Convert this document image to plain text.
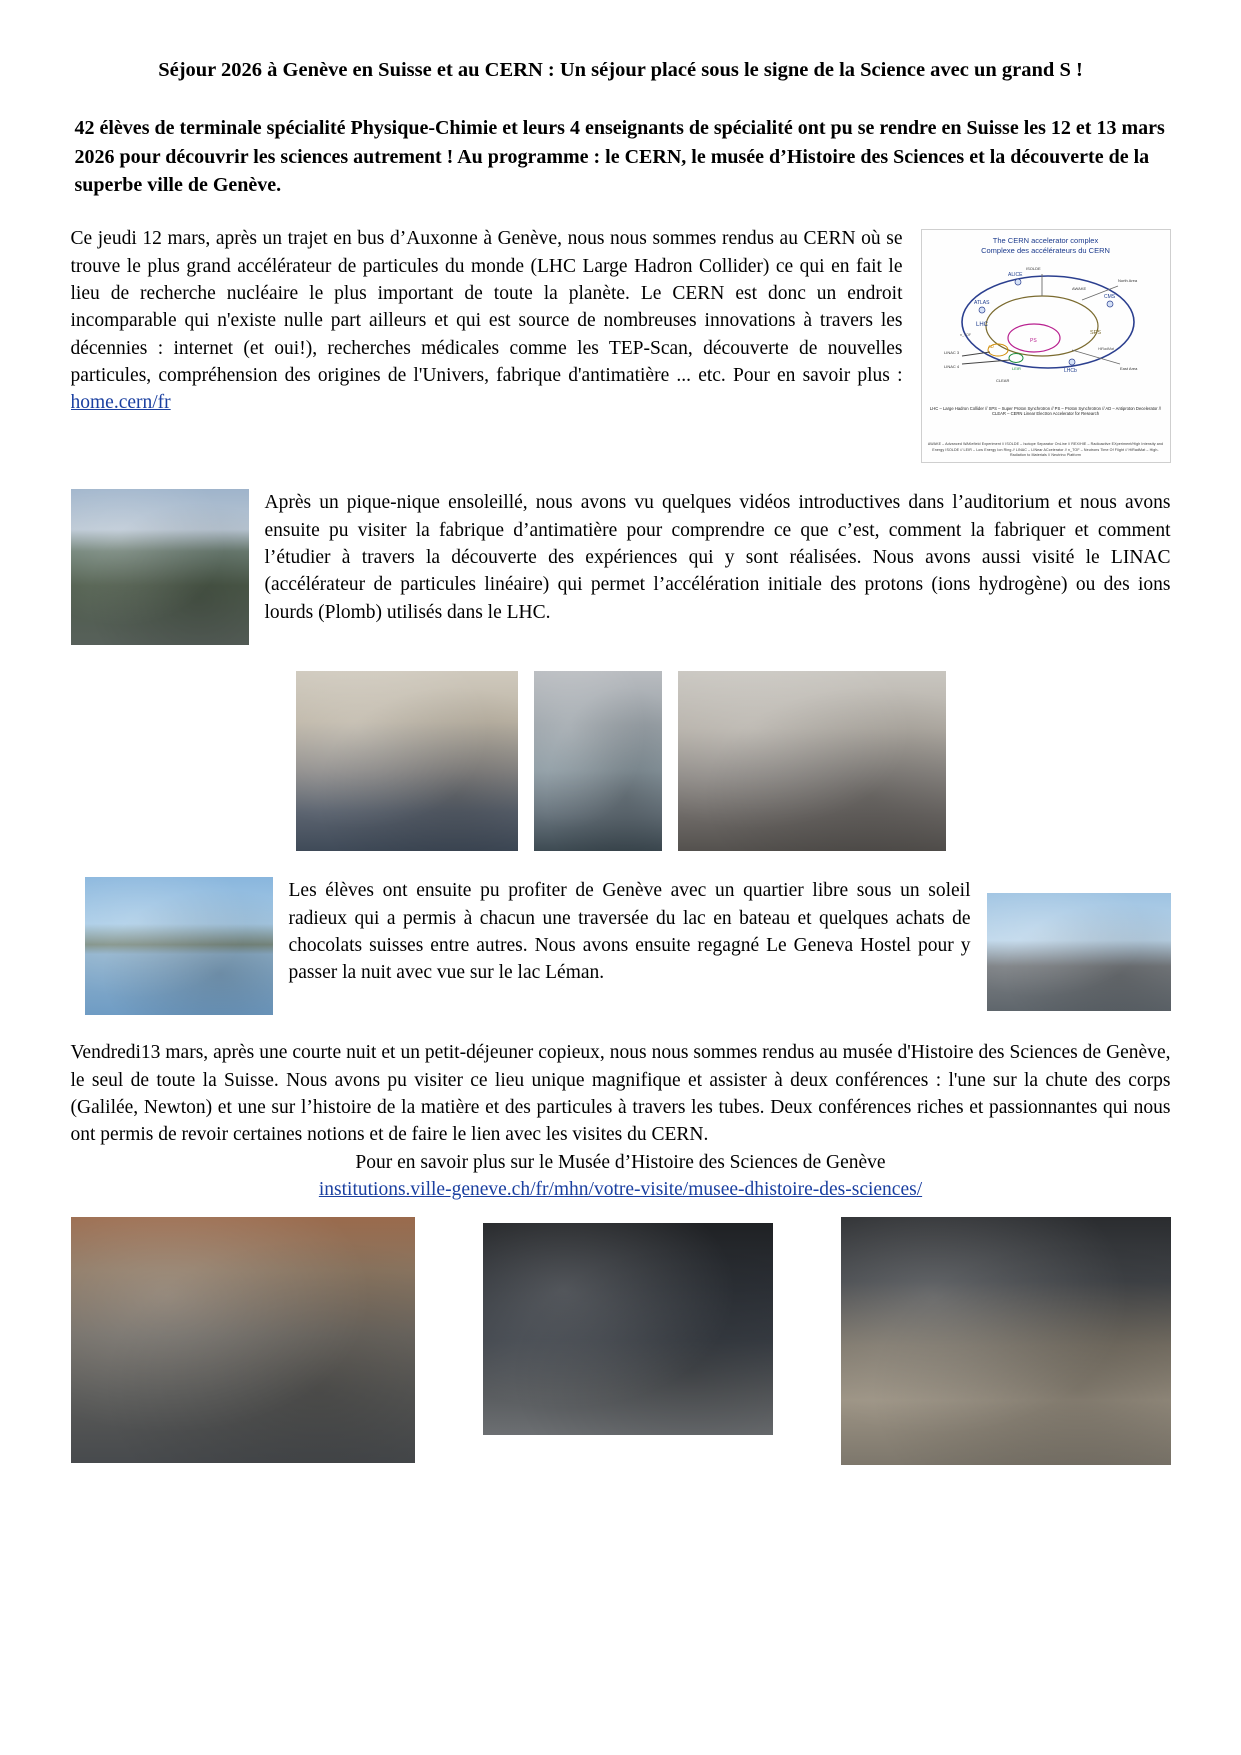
Séjour 2026 à Genève en Suisse et au CERN : Un séjour placé sous le signe de la Science avec un grand S !
42 élèves de terminale spécialité Physique-Chimie et leurs 4 enseignants de spécialité ont pu se rendre en Suisse les 12 et 13 mars 2026 pour découvrir les sciences autrement ! Au programme : le CERN, le musée d’Histoire des Sciences et la découverte de la superbe ville de Genève.
The CERN accelerator complex
Complexe des accélérateurs du CERN
ATLAS
CMS
LHCb
ALICE
LHC
SPS
PS
AD
LEIR
LINAC 3
LINAC 4
North Area
East Area
ISOLDE
AWAKE
CLEAR
n_TOF
HiRadMat
LHC – Large Hadron Collider // SPS – Super Proton Synchrotron // PS – Proton Synchrotron // AD – Antiproton Decelerator // CLEAR – CERN Linear Electron Accelerator for Research
AWAKE – Advanced WAKefield Experiment // ISOLDE – Isotope Separator OnLine // REX/HIE – Radioactive EXperiment/High Intensity and Energy ISOLDE // LEIR – Low Energy Ion Ring // LINAC – LINear ACcelerator // n_TOF – Neutrons Time Of Flight // HiRadMat – High-Radiation to Materials // Neutrino Platform

Ce jeudi 12 mars, après un trajet en bus d’Auxonne à Genève, nous nous sommes rendus au CERN où se trouve le plus grand accélérateur de particules du monde (LHC Large Hadron Collider) ce qui en fait le lieu de recherche nucléaire le plus important de toute la planète. Le CERN est donc un endroit incomparable qui n'existe nulle part ailleurs et qui est source de nombreuses innovations à travers les décennies : internet (et oui!), recherches médicales comme les TEP-Scan, découverte de nouvelles particules, compréhension des origines de l'Univers, fabrique d'antimatière ... etc. Pour en savoir plus : home.cern/fr

Après un pique-nique ensoleillé, nous avons vu quelques vidéos introductives dans l’auditorium et nous avons ensuite pu visiter la fabrique d’antimatière pour comprendre ce que c’est, comment la fabriquer et comment l’étudier à travers la découverte des expériences qui y sont réalisées. Nous avons aussi visité le LINAC (accélérateur de particules linéaire) qui permet l’accélération initiale des protons (ions hydrogène) ou des ions lourds (Plomb) utilisés dans le LHC.

Les élèves ont ensuite pu profiter de Genève avec un quartier libre sous un soleil radieux qui a permis à chacun une traversée du lac en bateau et quelques achats de chocolats suisses entre autres. Nous avons ensuite regagné Le Geneva Hostel pour y passer la nuit avec vue sur le lac Léman.

Vendredi13 mars, après une courte nuit et un petit-déjeuner copieux, nous nous sommes rendus au musée d'Histoire des Sciences de Genève, le seul de toute la Suisse. Nous avons pu visiter ce lieu unique magnifique et assister à deux conférences : l'une sur la chute des corps (Galilée, Newton) et une sur l’histoire de la matière et des particules à travers les tubes. Deux conférences riches et passionnantes qui nous ont permis de revoir certaines notions et de faire le lien avec les visites du CERN.

Pour en savoir plus sur le Musée d’Histoire des Sciences de Genève

institutions.ville-geneve.ch/fr/mhn/votre-visite/musee-dhistoire-des-sciences/
